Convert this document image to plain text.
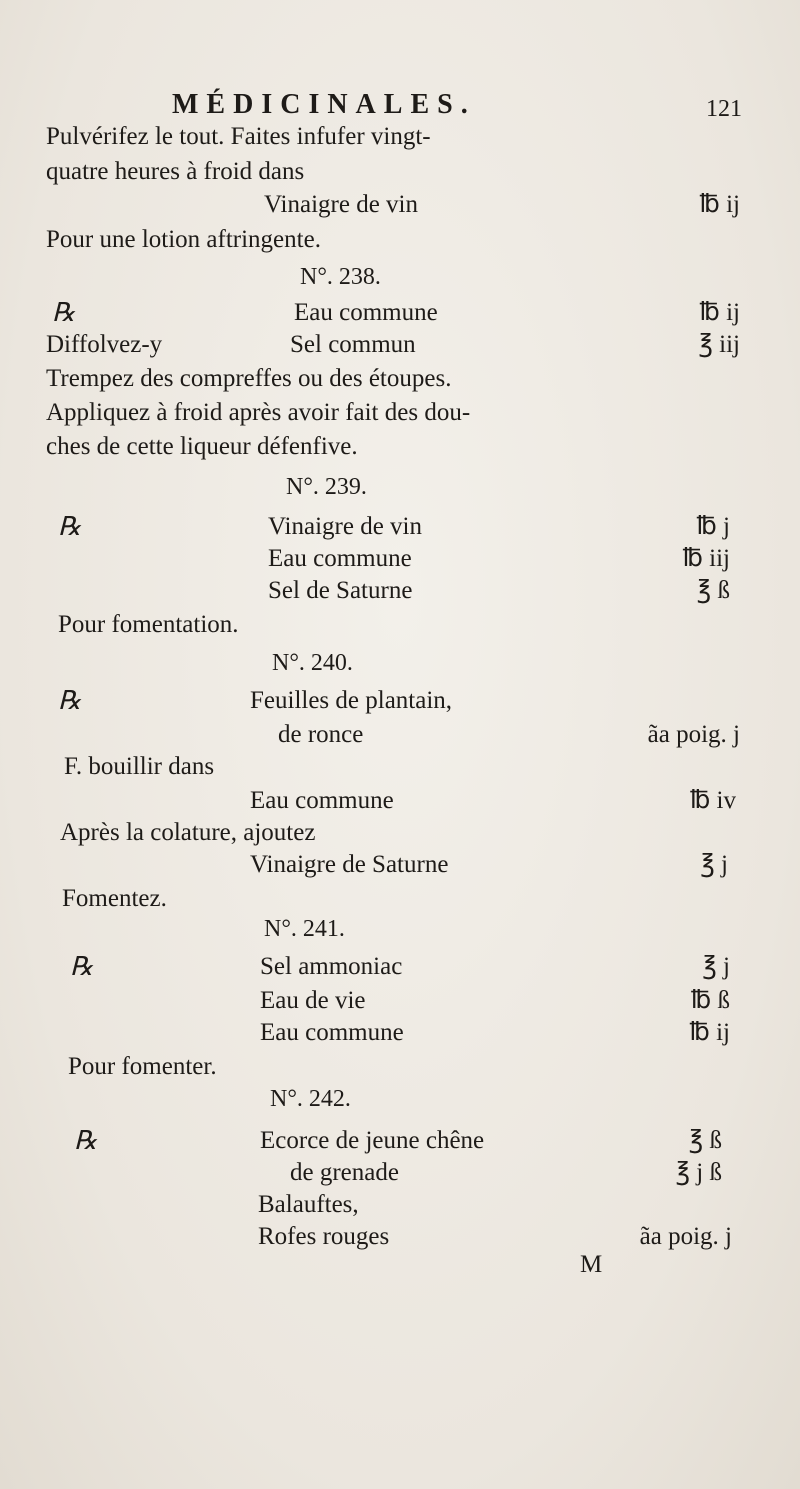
MÉDICINALES.	121
Pulvérifez le tout. Faites infufer vingt-
quatre heures à froid dans
Vinaigre de vin	℔ ij
Pour une lotion aftringente.
N°. 238.
℞	Eau commune	℔ ij
Diffolvez-y	Sel commun	℥ iij
Trempez des compreffes ou des étoupes.
Appliquez à froid après avoir fait des dou-
ches de cette liqueur défenfive.
N°. 239.
℞	Vinaigre de vin	℔ j
Eau commune	℔ iij
Sel de Saturne	℥ ß
Pour fomentation.
N°. 240.
℞	Feuilles de plantain,
de ronce	ãa poig. j
F. bouillir dans
Eau commune	℔ iv
Après la colature, ajoutez
Vinaigre de Saturne	℥ j
Fomentez.
N°. 241.
℞	Sel ammoniac	℥ j
Eau de vie	℔ ß
Eau commune	℔ ij
Pour fomenter.
N°. 242.
℞	Ecorce de jeune chêne	℥ ß
de grenade	℥ j ß
Balauftes,
Rofes rouges	ãa poig. j
M
